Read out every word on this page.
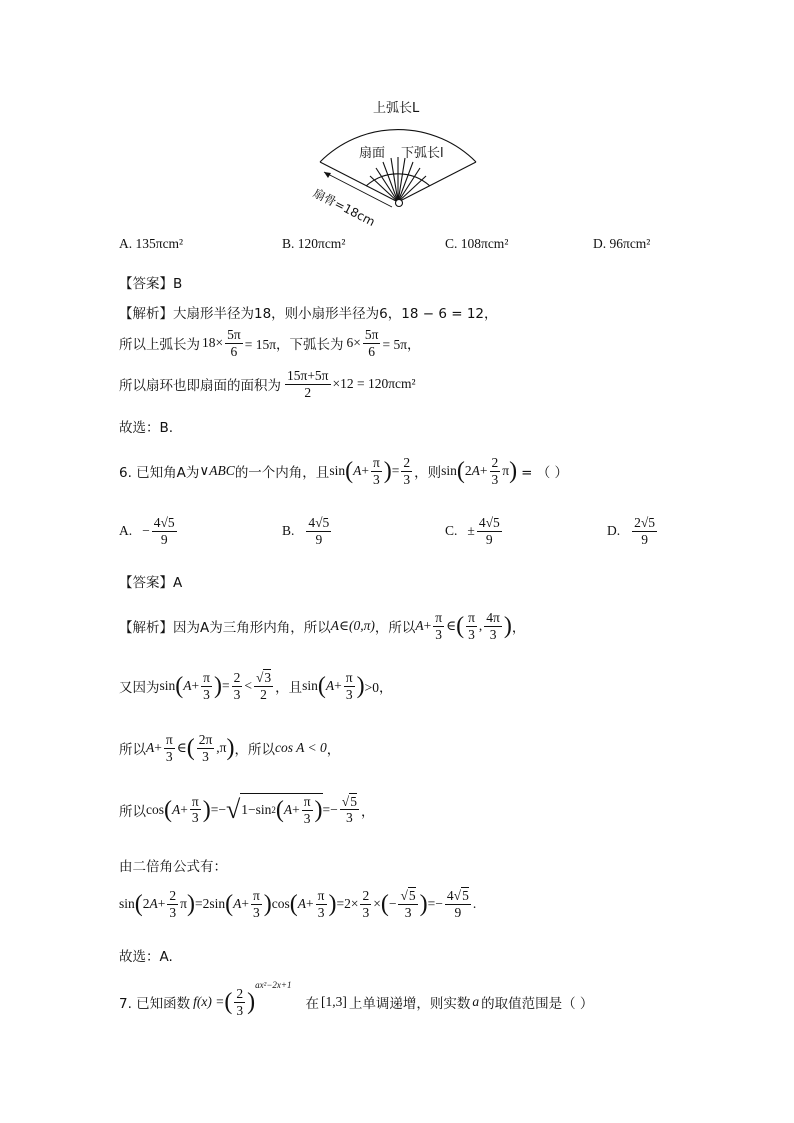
上弧长L
扇面 下弧长l
扇骨=18cm
A. 135πcm²	B. 120πcm²	C. 108πcm²	D. 96πcm²
【答案】B
【解析】大扇形半径为18，则小扇形半径为6，18 − 6 = 12，
所以上弧长为 $18\times \frac{5\pi}{6} = 15\pi$，下弧长为 $6\times \frac{5\pi}{6} = 5\pi$，
所以扇环也即扇面的面积为 $\frac{15\pi+5\pi}{2} \times 12 = 120\pi cm^2$
故选：B.
6. 已知角A为 ∨ABC 的一个内角，且 sin ( $A + \frac{\pi}{3}$ ) = $\frac{2}{3}$ ，则 sin ( 2 $A + \frac{2}{3}$ π ) = （ ）
A. − $\frac{4√5}{9}$	B. $\frac{4√5}{9}$	C. ± $\frac{4√5}{9}$	D. $\frac{2√5}{9}$
【答案】A
【解析】因为A为三角形内角，所以 A∈(0,π) ，所以 $A + \frac{\pi}{3}$ ∈ ( $\frac{\pi}{3}$ , $\frac{4\pi}{3}$ ) ，
又因为 sin ( $A + \frac{\pi}{3}$ ) = $\frac{2}{3} < \frac{√3}{2}$ ，且 sin ( $A + \frac{\pi}{3}$ ) >0，
所以 $A + \frac{\pi}{3}$ ∈ ( $\frac{2\pi}{3} ,\pi$ ) ，所以 cos A < 0 ，
所以 cos ( $A + \frac{\pi}{3}$ ) =− √ 1−sin 2 ( $A + \frac{\pi}{3}$ ) =− $\frac{√5}{3}$ ，
由二倍角公式有：
sin ( 2 $A + \frac{2}{3}$ π ) =2sin ( $A + \frac{\pi}{3}$ ) cos ( $A + \frac{\pi}{3}$ ) $=2\times \frac{2}{3}$ × ( − $\frac{√5}{3}$ ) =− $\frac{4√5}{9}$ .
故选：A.
7. 已知函数 f(x) = ( $\frac{2}{3}$ )
ax²−2x+1
在 [1,3] 上单调递增，则实数 a 的取值范围是（ ）
